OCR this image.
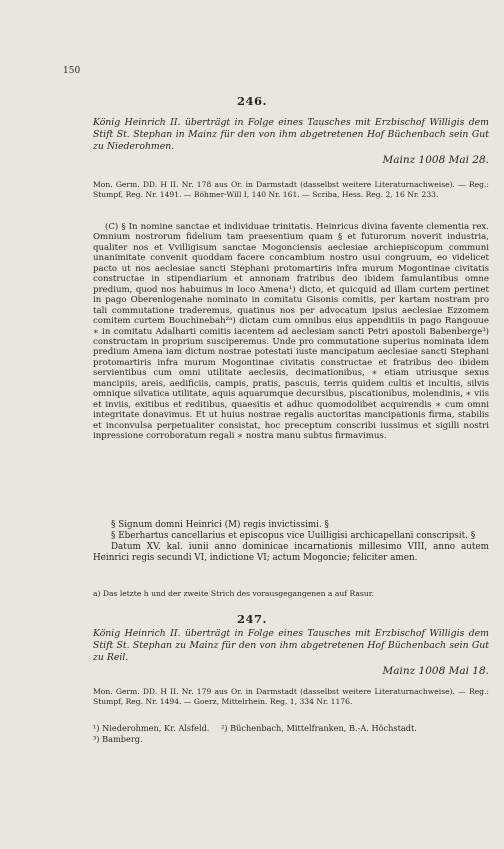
150
246.
König Heinrich II. überträgt in Folge eines Tausches mit Erzbischof Willigis dem Stift St. Stephan in Mainz für den von ihm abgetretenen Hof Büchenbach sein Gut zu Niederohmen.
Mainz 1008 Mai 28.
Mon. Germ. DD. H II. Nr. 178 aus Or. in Darmstadt (dasselbst weitere Literaturnachweise). — Reg.: Stumpf, Reg. Nr. 1491. — Böhmer-Will I, 140 Nr. 161. — Scriba, Hess. Reg. 2, 16 Nr. 233.

(C) § In nomine sanctae et individuae trinitatis. Heinricus divina favente clementia rex. Omnium nostrorum fidelium tam praesentium quam § et futurorum noverit industria, qualiter nos et Vvilligisum sanctae Mogonciensis aeclesiae archiepiscopum communi unanimitate convenit quoddam facere concambium nostro usui congruum, eo videlicet pacto ut nos aeclesiae sancti Stephani protomartiris infra murum Mogontinae civitatis constructae in stipendiarium et annonam fratribus deo ibidem famulantibus omne predium, quod nos habuimus in loco Amena¹) dicto, et quicquid ad illam curtem pertinet in pago Oberenlogenahe nominato in comitatu Gisonis comitis, per kartam nostram pro tali commutatione traderemus, quatinus nos per advocatum ipsius aeclesiae Ezzomem comitem curtem Bouchinebah²ᵃ) dictam cum omnibus eius appenditiis in pago Rangouue ∗ in comitatu Adalharti comitis iacentem ad aeclesiam sancti Petri apostoli Babenberge³) constructam in proprium susciperemus. Unde pro commutatione superius nominata idem predium Amena iam dictum nostrae potestati iuste mancipatum aeclesiae sancti Stephani protomartiris infra murum Mogontinae civitatis constructae et fratribus deo ibidem servientibus cum omni utilitate aeclesiis, decimationibus, ∗ etiam utriusque sexus mancipiis, areis, aedificiis, campis, pratis, pascuis, terris quidem cultis et incultis, silvis omnique silvatica utilitate, aquis aquarumque decursibus, piscationibus, molendinis, ∗ viis et inviis, exitibus et reditibus, quaesitis et adhuc quomodolibet acquirendis ∗ cum omni integritate donavimus. Et ut huius nostrae regalis auctoritas mancipationis firma, stabilis et inconvulsa perpetualiter consistat, hoc preceptum conscribi iussimus et sigilli nostri inpressione corroboratum regali ∗ nostra manu subtus firmavimus.

§ Signum domni Heinrici (M) regis invictissimi. §

§ Eberhartus cancellarius et episcopus vice Uuilligisi archicapellani conscripsit. §

Datum XV. kal. iunii anno dominicae incarnationis millesimo VIII, anno autem Heinrici regis secundi VI, indictione VI; actum Mogoncie; feliciter amen.

a) Das letzte h und der zweite Strich des vorausgegangenen a auf Rasur.
247.
König Heinrich II. überträgt in Folge eines Tausches mit Erzbischof Willigis dem Stift St. Stephan zu Mainz für den von ihm abgetretenen Hof Büchenbach sein Gut zu Reil.
Mainz 1008 Mai 18.
Mon. Germ. DD. H II. Nr. 179 aus Or. in Darmstadt (dasselbst weitere Literaturnachweise). — Reg.: Stumpf, Reg. Nr. 1494. — Goerz, Mittelrhein. Reg. 1, 334 Nr. 1176.
¹) Niederohmen, Kr. Alsfeld.	²) Büchenbach, Mittelfranken, B.-A. Höchstadt.
³) Bamberg.
